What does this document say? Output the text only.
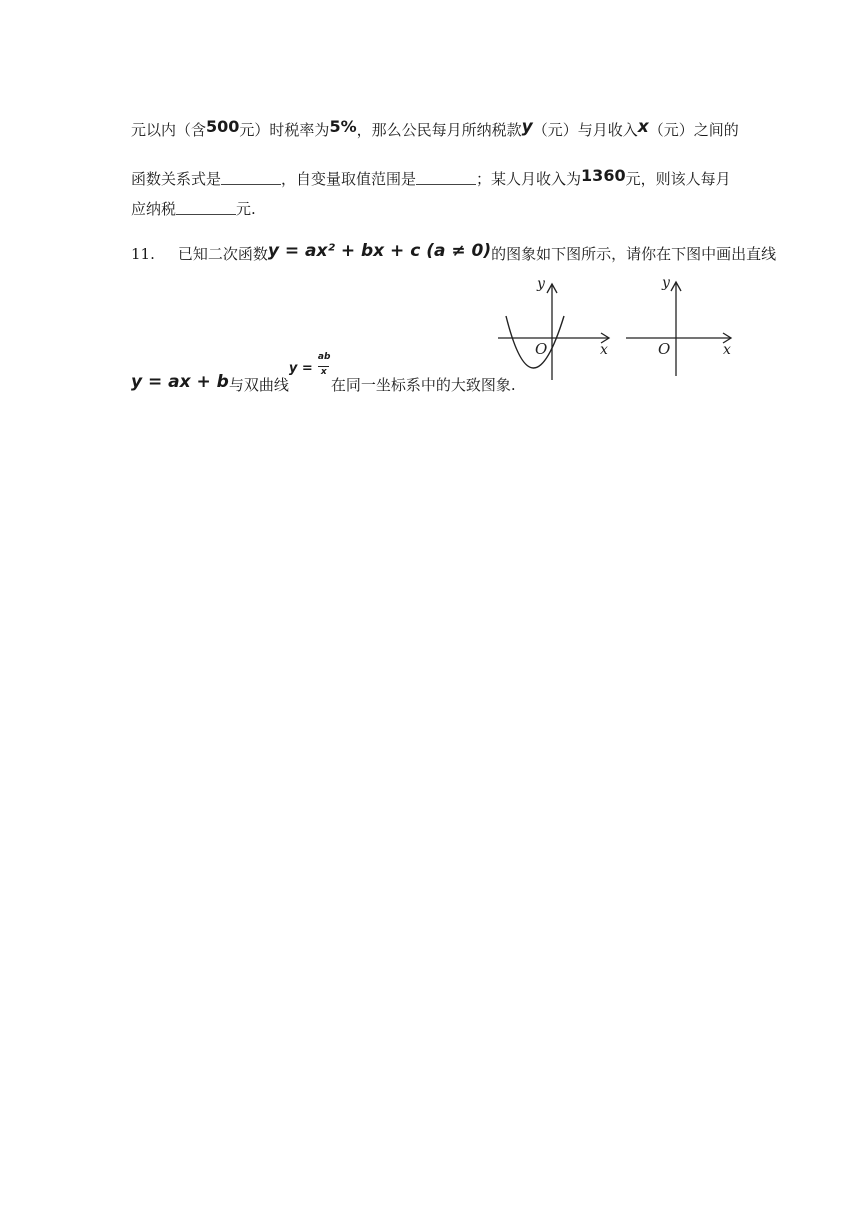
元以内（含500元）时税率为5%，那么公民每月所纳税款y（元）与月收入x（元）之间的
函数关系式是	，自变量取值范围是	；某人月收入为1360元，则该人每月
应纳税	元.
11. 已知二次函数y = ax² + bx + c (a ≠ 0)的图象如下图所示，请你在下图中画出直线
y = ax + b与双曲线
y =
ab
x
在同一坐标系中的大致图象.
y
x
O
y
x
O
